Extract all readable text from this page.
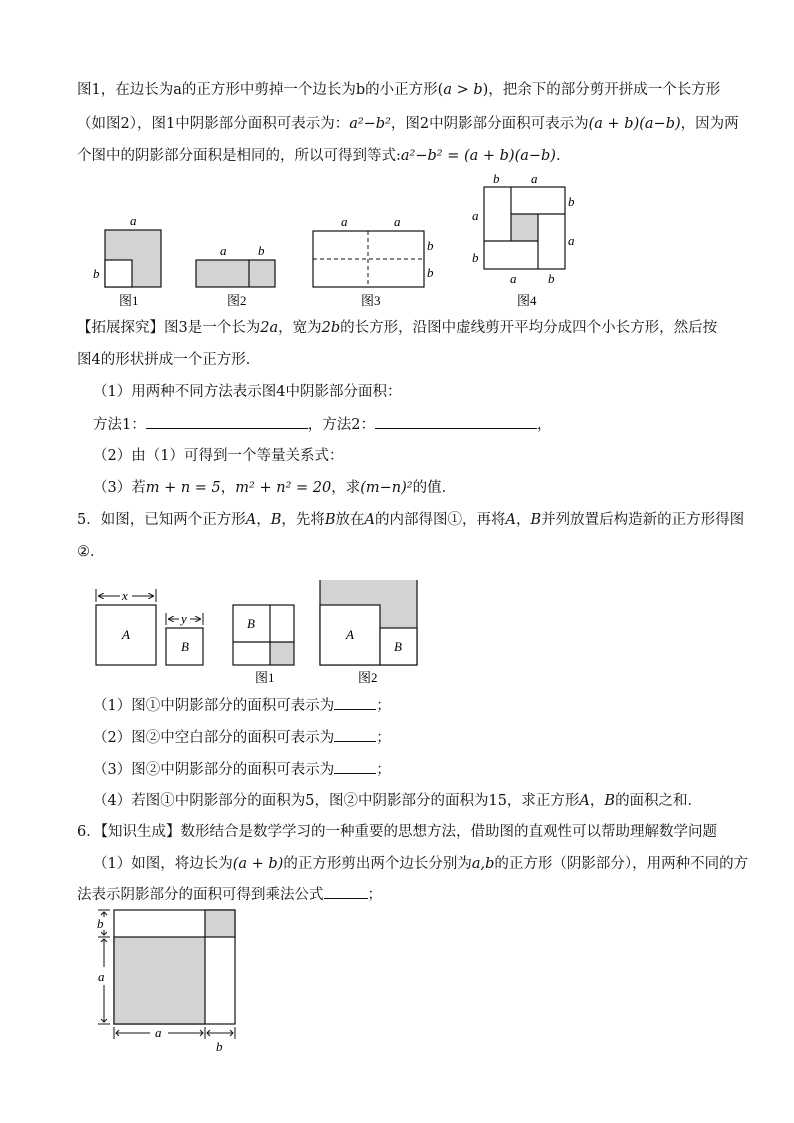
图1，在边长为a的正方形中剪掉一个边长为b的小正方形(a > b)，把余下的部分剪开拼成一个长方形
（如图2），图1中阴影部分面积可表示为：a²−b²，图2中阴影部分面积可表示为(a + b)(a−b)，因为两
个图中的阴影部分面积是相同的，所以可得到等式:a²−b² = (a + b)(a−b).
a
b
图1
a b
图2
a	a
b
b
图3
b a
b
a
a
b
a b
图4
【拓展探究】图3是一个长为2a，宽为2b的长方形，沿图中虚线剪开平均分成四个小长方形，然后按
图4的形状拼成一个正方形．
（1）用两种不同方法表示图4中阴影部分面积：
方法1：	，方法2：	，
（2）由（1）可得到一个等量关系式：
（3）若m + n = 5，m² + n² = 20，求(m−n)²的值．
5．如图，已知两个正方形A，B，先将B放在A的内部得图①，再将A，B并列放置后构造新的正方形得图
②．
x
A
y
B
B
图1
A
B
图2
（1）图①中阴影部分的面积可表示为	；
（2）图②中空白部分的面积可表示为	；
（3）图②中阴影部分的面积可表示为	；
（4）若图①中阴影部分的面积为5，图②中阴影部分的面积为15，求正方形A，B的面积之和．
6．【知识生成】数形结合是数学学习的一种重要的思想方法，借助图的直观性可以帮助理解数学问题
（1）如图，将边长为(a + b)的正方形剪出两个边长分别为a,b的正方形（阴影部分），用两种不同的方
法表示阴影部分的面积可得到乘法公式	；
b
a
a
b
